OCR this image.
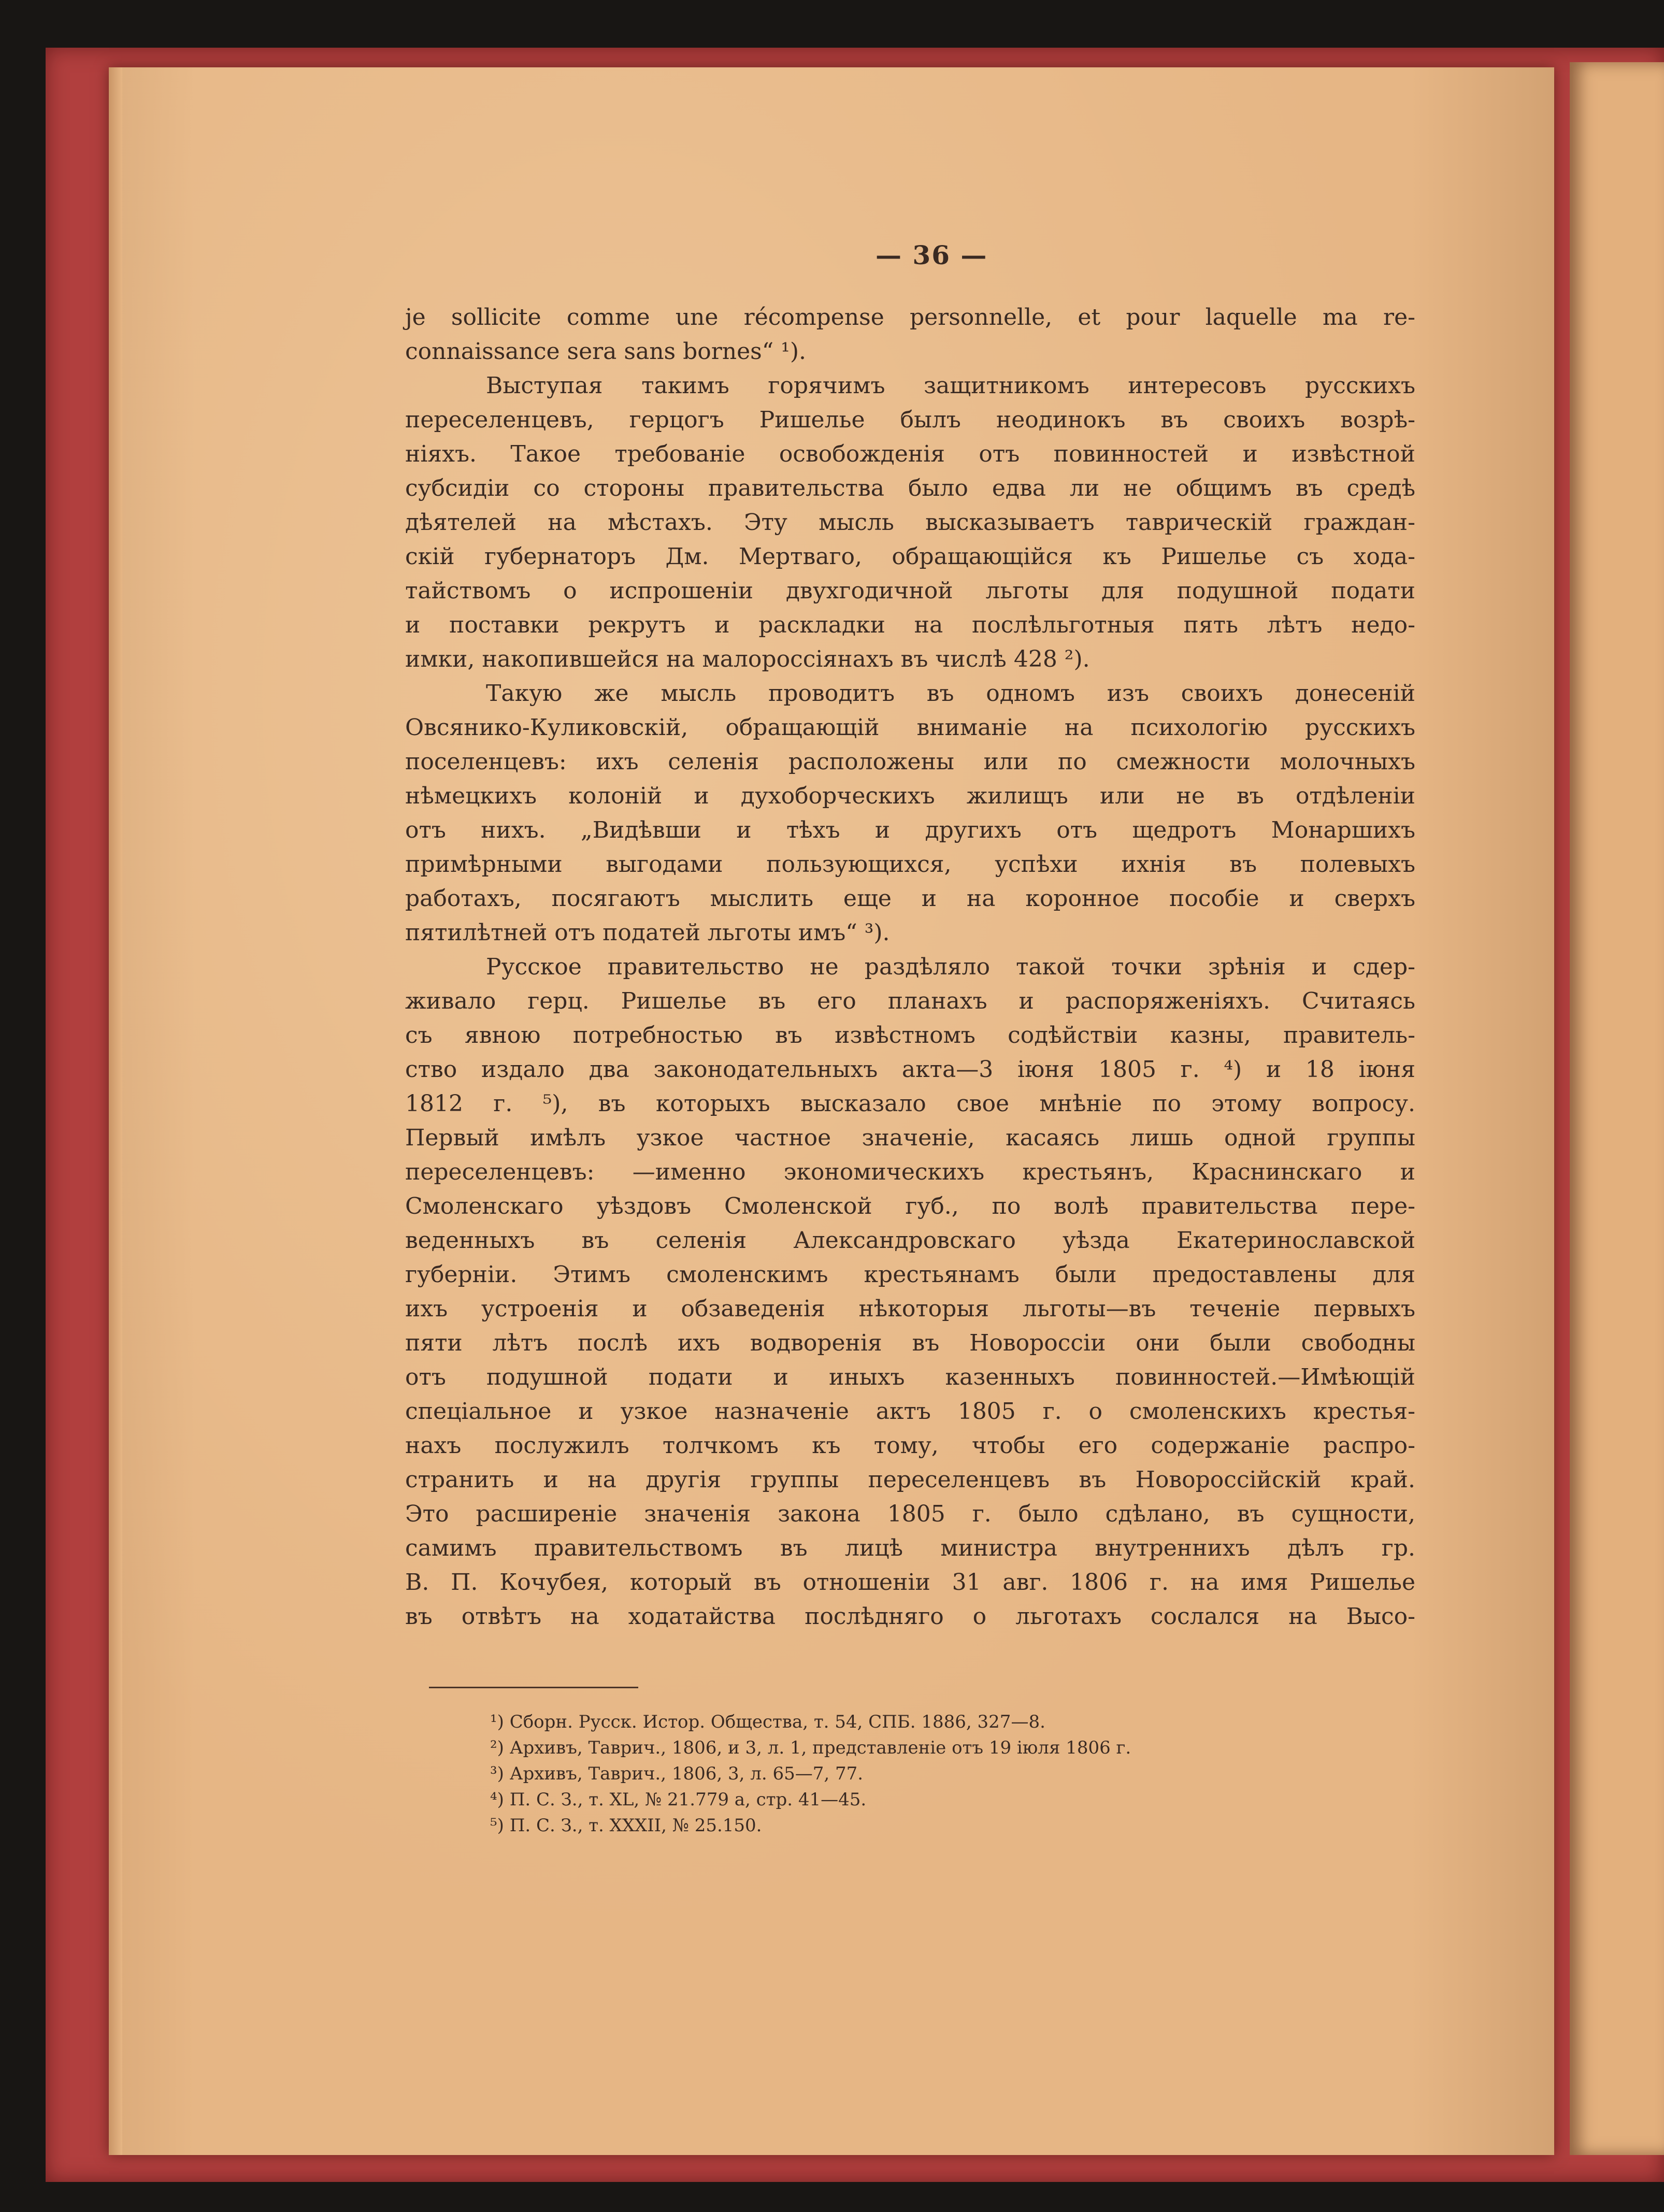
— 36 —
je sollicite comme une récompense personnelle, et pour laquelle ma re-
connaissance sera sans bornes“ ¹).
Выступая такимъ горячимъ защитникомъ интересовъ русскихъ
переселенцевъ, герцогъ Ришелье былъ неодинокъ въ своихъ возрѣ-
ніяхъ. Такое требованіе освобожденія отъ повинностей и извѣстной
субсидіи со стороны правительства было едва ли не общимъ въ средѣ
дѣятелей на мѣстахъ. Эту мысль высказываетъ таврическій граждан-
скій губернаторъ Дм. Мертваго, обращающійся къ Ришелье съ хода-
тайствомъ о испрошеніи двухгодичной льготы для подушной подати
и поставки рекрутъ и раскладки на послѣльготныя пять лѣтъ недо-
имки, накопившейся на малороссіянахъ въ числѣ 428 ²).
Такую же мысль проводитъ въ одномъ изъ своихъ донесеній
Овсянико-Куликовскій, обращающій вниманіе на психологію русскихъ
поселенцевъ: ихъ селенія расположены или по смежности молочныхъ
нѣмецкихъ колоній и духоборческихъ жилищъ или не въ отдѣленіи
отъ нихъ. „Видѣвши и тѣхъ и другихъ отъ щедротъ Монаршихъ
примѣрными выгодами пользующихся, успѣхи ихнія въ полевыхъ
работахъ, посягаютъ мыслить еще и на коронное пособіе и сверхъ
пятилѣтней отъ податей льготы имъ“ ³).
Русское правительство не раздѣляло такой точки зрѣнія и сдер-
живало герц. Ришелье въ его планахъ и распоряженіяхъ. Считаясь
съ явною потребностью въ извѣстномъ содѣйствіи казны, правитель-
ство издало два законодательныхъ акта—3 іюня 1805 г. ⁴) и 18 іюня
1812 г. ⁵), въ которыхъ высказало свое мнѣніе по этому вопросу.
Первый имѣлъ узкое частное значеніе, касаясь лишь одной группы
переселенцевъ: —именно экономическихъ крестьянъ, Краснинскаго и
Смоленскаго уѣздовъ Смоленской губ., по волѣ правительства пере-
веденныхъ въ селенія Александровскаго уѣзда Екатеринославской
губерніи. Этимъ смоленскимъ крестьянамъ были предоставлены для
ихъ устроенія и обзаведенія нѣкоторыя льготы—въ теченіе первыхъ
пяти лѣтъ послѣ ихъ водворенія въ Новороссіи они были свободны
отъ подушной подати и иныхъ казенныхъ повинностей.—Имѣющій
спеціальное и узкое назначеніе актъ 1805 г. о смоленскихъ крестья-
нахъ послужилъ толчкомъ къ тому, чтобы его содержаніе распро-
странить и на другія группы переселенцевъ въ Новороссійскій край.
Это расширеніе значенія закона 1805 г. было сдѣлано, въ сущности,
самимъ правительствомъ въ лицѣ министра внутреннихъ дѣлъ гр.
В. П. Кочубея, который въ отношеніи 31 авг. 1806 г. на имя Ришелье
въ отвѣтъ на ходатайства послѣдняго о льготахъ сослался на Высо-
¹) Сборн. Русск. Истор. Общества, т. 54, СПБ. 1886, 327—8.
²) Архивъ, Таврич., 1806, и 3, л. 1, представленіе отъ 19 іюля 1806 г.
³) Архивъ, Таврич., 1806, 3, л. 65—7, 77.
⁴) П. С. З., т. XL, № 21.779 а, стр. 41—45.
⁵) П. С. З., т. XXXII, № 25.150.
